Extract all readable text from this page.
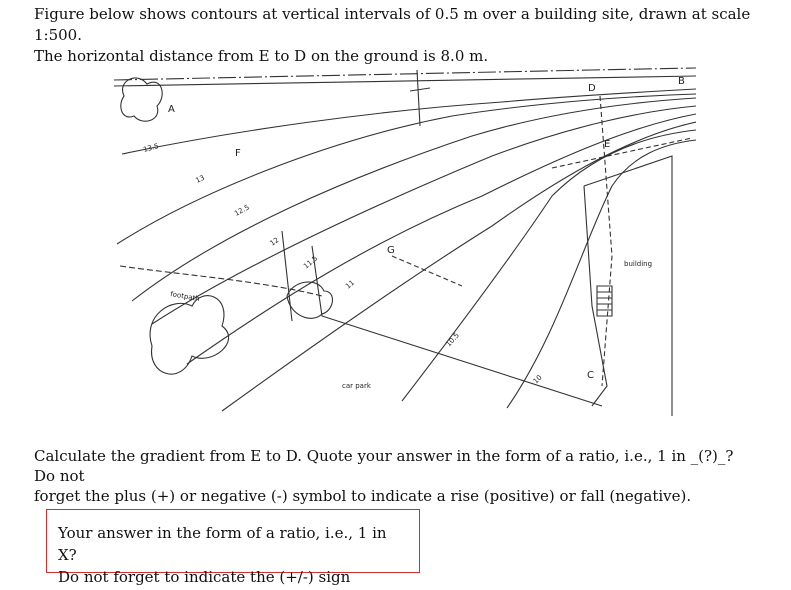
Figure below shows contours at vertical intervals of 0.5 m over a building site, drawn at scale 1:500.
The horizontal distance from E to D on the ground is 8.0 m.
A
B
C
D
E
F
G
13.5
13
12.5
12
11.5
11
10.5
10
footpath
car park
building
Calculate the gradient from E to D. Quote your answer in the form of a ratio, i.e., 1 in _(?)_? Do not
forget the plus (+) or negative (-) symbol to indicate a rise (positive) or fall (negative).
Your answer in the form of a ratio, i.e., 1 in X?
Do not forget to indicate the (+/-) sign
